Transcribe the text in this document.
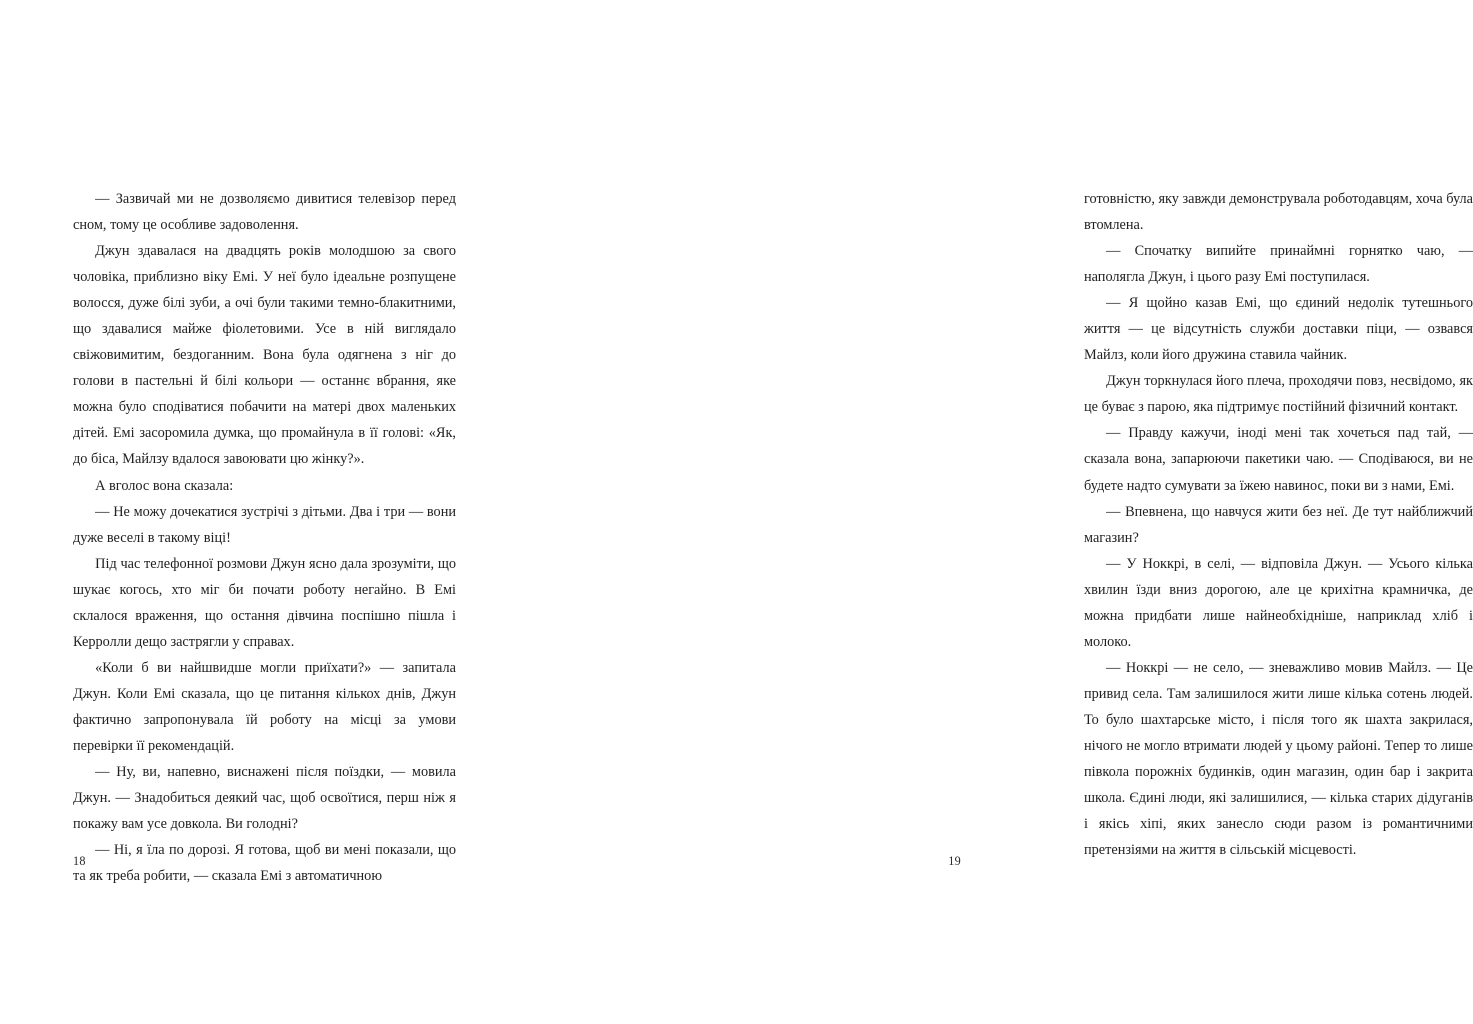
— Зазвичай ми не дозволяємо дивитися телевізор перед сном, тому це особливе задоволення.

Джун здавалася на двадцять років молодшою за свого чоловіка, приблизно віку Емі. У неї було ідеальне розпущене волосся, дуже білі зуби, а очі були такими темно-блакитними, що здавалися майже фіолетовими. Усе в ній виглядало свіжовимитим, бездоганним. Вона була одягнена з ніг до голови в пастельні й білі кольори — останнє вбрання, яке можна було сподіватися побачити на матері двох маленьких дітей. Емі засоромила думка, що промайнула в її голові: «Як, до біса, Майлзу вдалося завоювати цю жінку?».

А вголос вона сказала:

— Не можу дочекатися зустрічі з дітьми. Два і три — вони дуже веселі в такому віці!

Під час телефонної розмови Джун ясно дала зрозуміти, що шукає когось, хто міг би почати роботу негайно. В Емі склалося враження, що остання дівчина поспішно пішла і Керролли дещо застрягли у справах.

«Коли б ви найшвидше могли приїхати?» — запитала Джун. Коли Емі сказала, що це питання кількох днів, Джун фактично запропонувала їй роботу на місці за умови перевірки її рекомендацій.

— Ну, ви, напевно, виснажені після поїздки, — мовила Джун. — Знадобиться деякий час, щоб освоїтися, перш ніж я покажу вам усе довкола. Ви голодні?

— Ні, я їла по дорозі. Я готова, щоб ви мені показали, що та як треба робити, — сказала Емі з автоматичною

18

готовністю, яку завжди демонструвала роботодавцям, хоча була втомлена.

— Спочатку випийте принаймні горнятко чаю, — наполягла Джун, і цього разу Емі поступилася.

— Я щойно казав Емі, що єдиний недолік тутешнього життя — це відсутність служби доставки піци, — озвався Майлз, коли його дружина ставила чайник.

Джун торкнулася його плеча, проходячи повз, несвідомо, як це буває з парою, яка підтримує постійний фізичний контакт.

— Правду кажучи, іноді мені так хочеться пад тай, — сказала вона, запарюючи пакетики чаю. — Сподіваюся, ви не будете надто сумувати за їжею навинос, поки ви з нами, Емі.

— Впевнена, що навчуся жити без неї. Де тут найближчий магазин?

— У Ноккрі, в селі, — відповіла Джун. — Усього кілька хвилин їзди вниз дорогою, але це крихітна крамничка, де можна придбати лише найнеобхідніше, наприклад хліб і молоко.

— Ноккрі — не село, — зневажливо мовив Майлз. — Це привид села. Там залишилося жити лише кілька сотень людей. То було шахтарське місто, і після того як шахта закрилася, нічого не могло втримати людей у цьому районі. Тепер то лише півкола порожніх будинків, один магазин, один бар і закрита школа. Єдині люди, які залишилися, — кілька старих дідуганів і якісь хіпі, яких занесло сюди разом із романтичними претензіями на життя в сільській місцевості.

19
